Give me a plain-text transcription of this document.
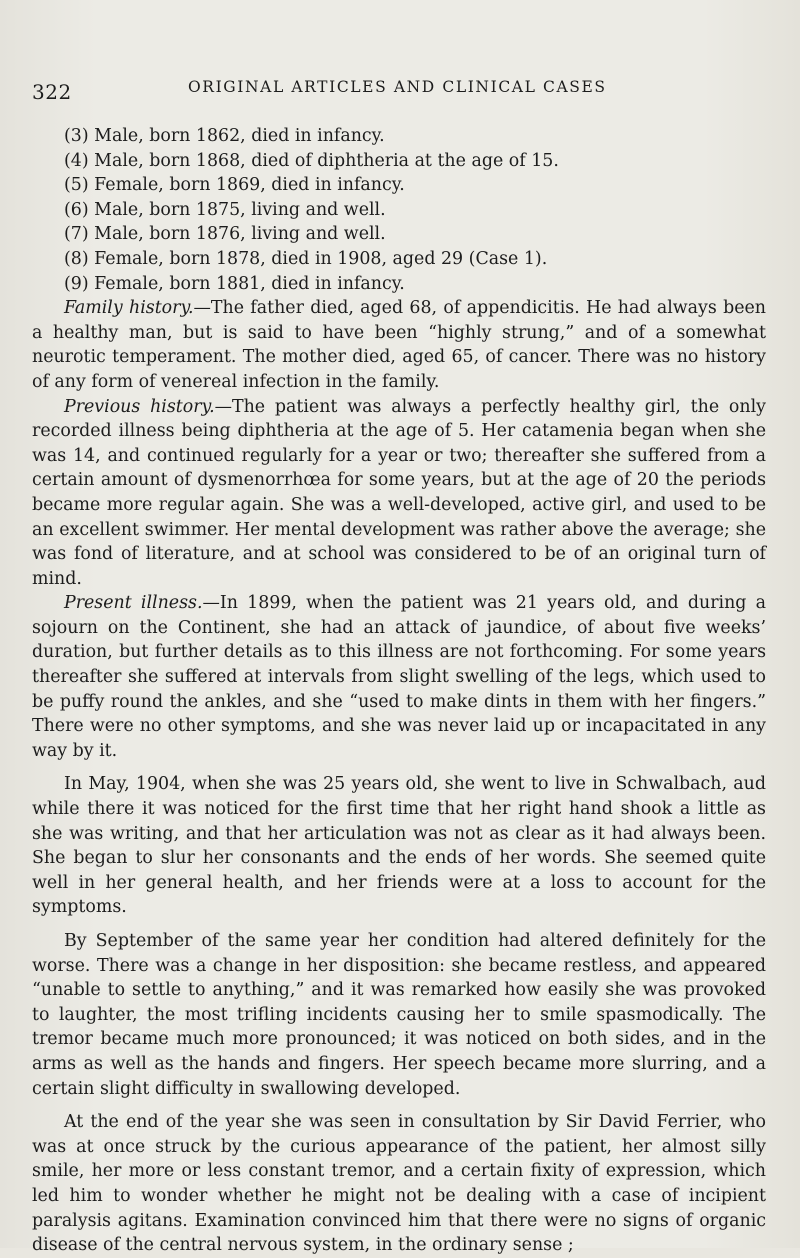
322	ORIGINAL ARTICLES AND CLINICAL CASES
(3) Male, born 1862, died in infancy.
(4) Male, born 1868, died of diphtheria at the age of 15.
(5) Female, born 1869, died in infancy.
(6) Male, born 1875, living and well.
(7) Male, born 1876, living and well.
(8) Female, born 1878, died in 1908, aged 29 (Case 1).
(9) Female, born 1881, died in infancy.

Family history.—The father died, aged 68, of appendicitis. He had always been a healthy man, but is said to have been “highly strung,” and of a somewhat neurotic temperament. The mother died, aged 65, of cancer. There was no history of any form of venereal infection in the family.

Previous history.—The patient was always a perfectly healthy girl, the only recorded illness being diphtheria at the age of 5. Her catamenia began when she was 14, and continued regularly for a year or two; thereafter she suffered from a certain amount of dysmenorrhœa for some years, but at the age of 20 the periods became more regular again. She was a well-developed, active girl, and used to be an excellent swimmer. Her mental development was rather above the average; she was fond of literature, and at school was considered to be of an original turn of mind.

Present illness.—In 1899, when the patient was 21 years old, and during a sojourn on the Continent, she had an attack of jaundice, of about five weeks’ duration, but further details as to this illness are not forthcoming. For some years thereafter she suffered at intervals from slight swelling of the legs, which used to be puffy round the ankles, and she “used to make dints in them with her fingers.” There were no other symptoms, and she was never laid up or incapacitated in any way by it.

In May, 1904, when she was 25 years old, she went to live in Schwalbach, aud while there it was noticed for the first time that her right hand shook a little as she was writing, and that her articulation was not as clear as it had always been. She began to slur her consonants and the ends of her words. She seemed quite well in her general health, and her friends were at a loss to account for the symptoms.

By September of the same year her condition had altered definitely for the worse. There was a change in her disposition: she became restless, and appeared “unable to settle to anything,” and it was remarked how easily she was provoked to laughter, the most trifling incidents causing her to smile spasmodically. The tremor became much more pronounced; it was noticed on both sides, and in the arms as well as the hands and fingers. Her speech became more slurring, and a certain slight difficulty in swallowing developed.

At the end of the year she was seen in consultation by Sir David Ferrier, who was at once struck by the curious appearance of the patient, her almost silly smile, her more or less constant tremor, and a certain fixity of expression, which led him to wonder whether he might not be dealing with a case of incipient paralysis agitans. Examination convinced him that there were no signs of organic disease of the central nervous system, in the ordinary sense ;
